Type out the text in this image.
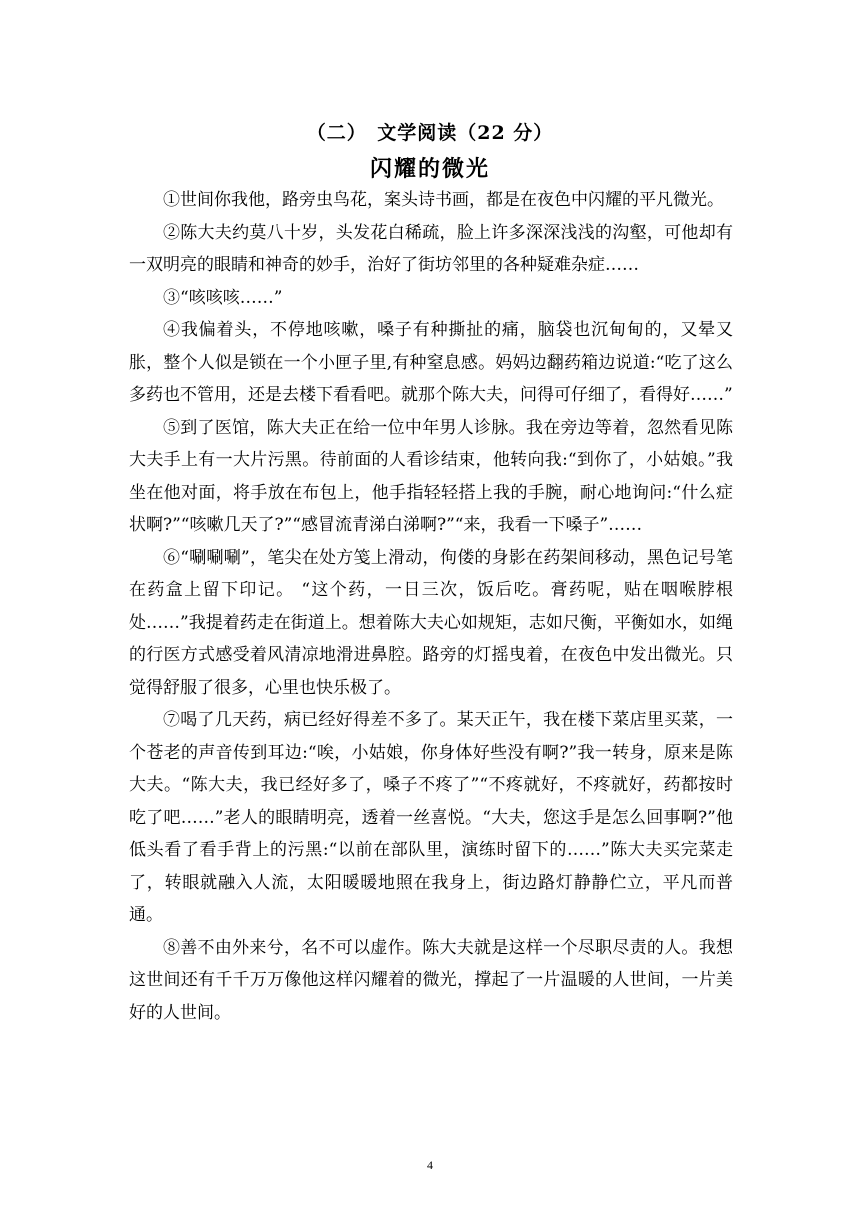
（二）　文学阅读（22 分）
闪耀的微光

①世间你我他，路旁虫鸟花，案头诗书画，都是在夜色中闪耀的平凡微光。

②陈大夫约莫八十岁，头发花白稀疏，脸上许多深深浅浅的沟壑，可他却有一双明亮的眼睛和神奇的妙手，治好了街坊邻里的各种疑难杂症……

③“咳咳咳……”

④我偏着头，不停地咳嗽，嗓子有种撕扯的痛，脑袋也沉甸甸的，又晕又胀，整个人似是锁在一个小匣子里,有种窒息感。妈妈边翻药箱边说道:“吃了这么多药也不管用，还是去楼下看看吧。就那个陈大夫，问得可仔细了，看得好……”

⑤到了医馆，陈大夫正在给一位中年男人诊脉。我在旁边等着，忽然看见陈大夫手上有一大片污黑。待前面的人看诊结束，他转向我:“到你了，小姑娘。”我坐在他对面，将手放在布包上，他手指轻轻搭上我的手腕，耐心地询问:“什么症状啊?”“咳嗽几天了?”“感冒流青涕白涕啊?”“来，我看一下嗓子”……

⑥“唰唰唰”，笔尖在处方笺上滑动，佝偻的身影在药架间移动，黑色记号笔在药盒上留下印记。 “这个药，一日三次，饭后吃。膏药呢，贴在咽喉脖根处……”我提着药走在街道上。想着陈大夫心如规矩，志如尺衡，平衡如水，如绳的行医方式感受着风清凉地滑进鼻腔。路旁的灯摇曳着，在夜色中发出微光。只觉得舒服了很多，心里也快乐极了。

⑦喝了几天药，病已经好得差不多了。某天正午，我在楼下菜店里买菜，一个苍老的声音传到耳边:“唉，小姑娘，你身体好些没有啊?”我一转身，原来是陈大夫。“陈大夫，我已经好多了，嗓子不疼了”“不疼就好，不疼就好，药都按时吃了吧……”老人的眼睛明亮，透着一丝喜悦。“大夫，您这手是怎么回事啊?”他低头看了看手背上的污黑:“以前在部队里，演练时留下的……”陈大夫买完菜走了，转眼就融入人流，太阳暖暖地照在我身上，街边路灯静静伫立，平凡而普通。

⑧善不由外来兮，名不可以虚作。陈大夫就是这样一个尽职尽责的人。我想这世间还有千千万万像他这样闪耀着的微光，撑起了一片温暖的人世间，一片美好的人世间。

4
